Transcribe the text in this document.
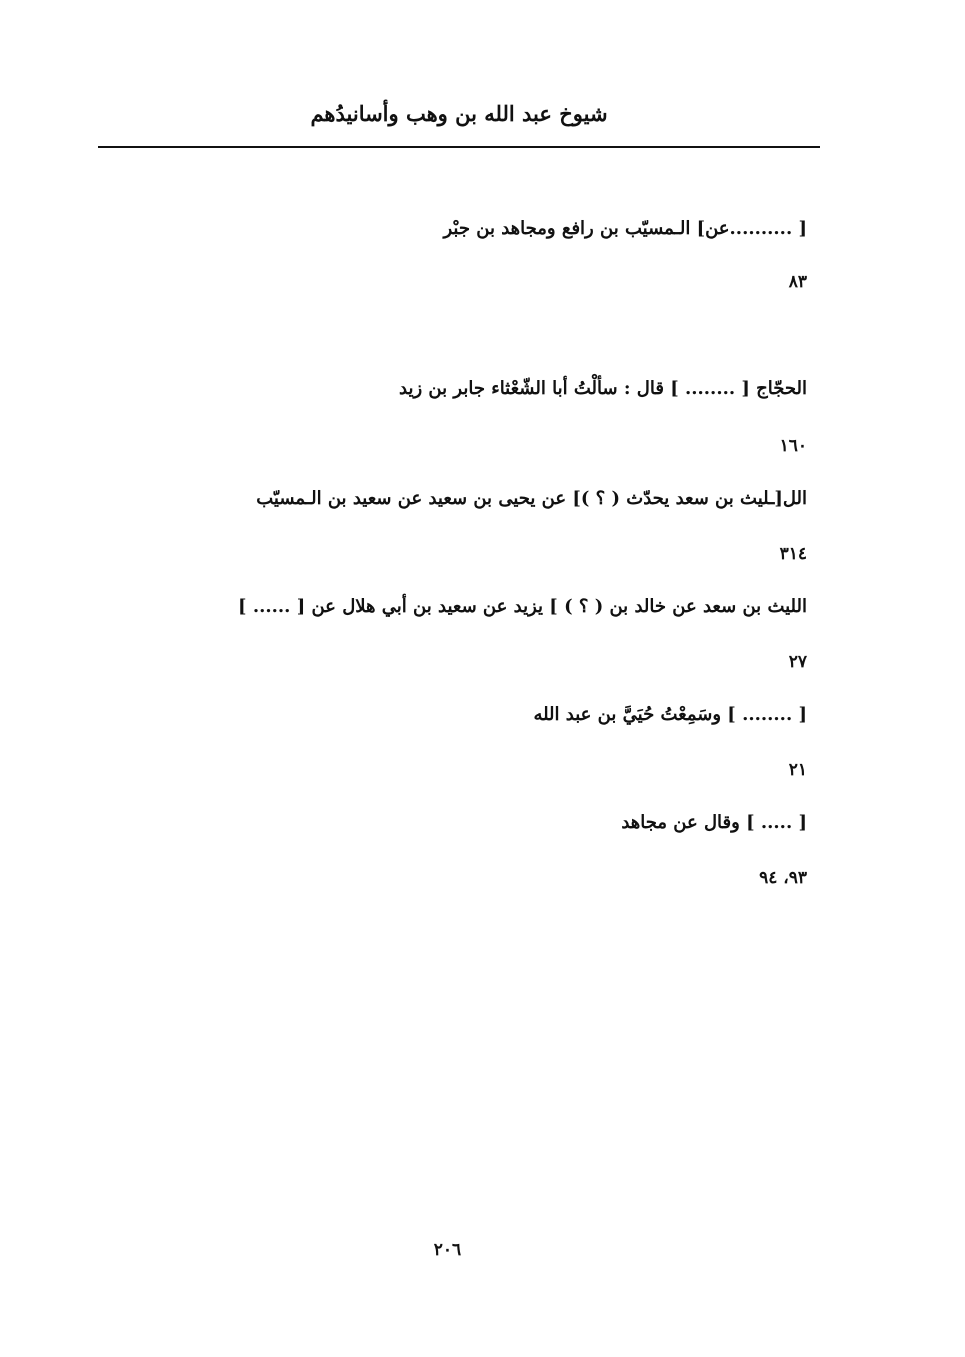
شيوخ عبد الله بن وهب وأسانيدُهم
[ ..........عن] الـمسيّب بن رافع ومجاهد بن جبْر
٨٣
الحجّاج [ ........ ] قال : سألْتُ أبا الشّعْثاء جابر بن زيد
١٦٠
الل[ـليث بن سعد يحدّث ( ؟ )] عن يحيى بن سعيد عن سعيد بن الـمسيّب
٣١٤
الليث بن سعد عن خالد بن ( ؟ ) ] يزيد عن سعيد بن أبي هلال عن [ ...... ]
٢٧
[ ........ ] وسَمِعْتُ حُيَيَّ بن عبد الله
٢١
[ ..... ] وقال عن مجاهد
٩٣، ٩٤
٢٠٦
